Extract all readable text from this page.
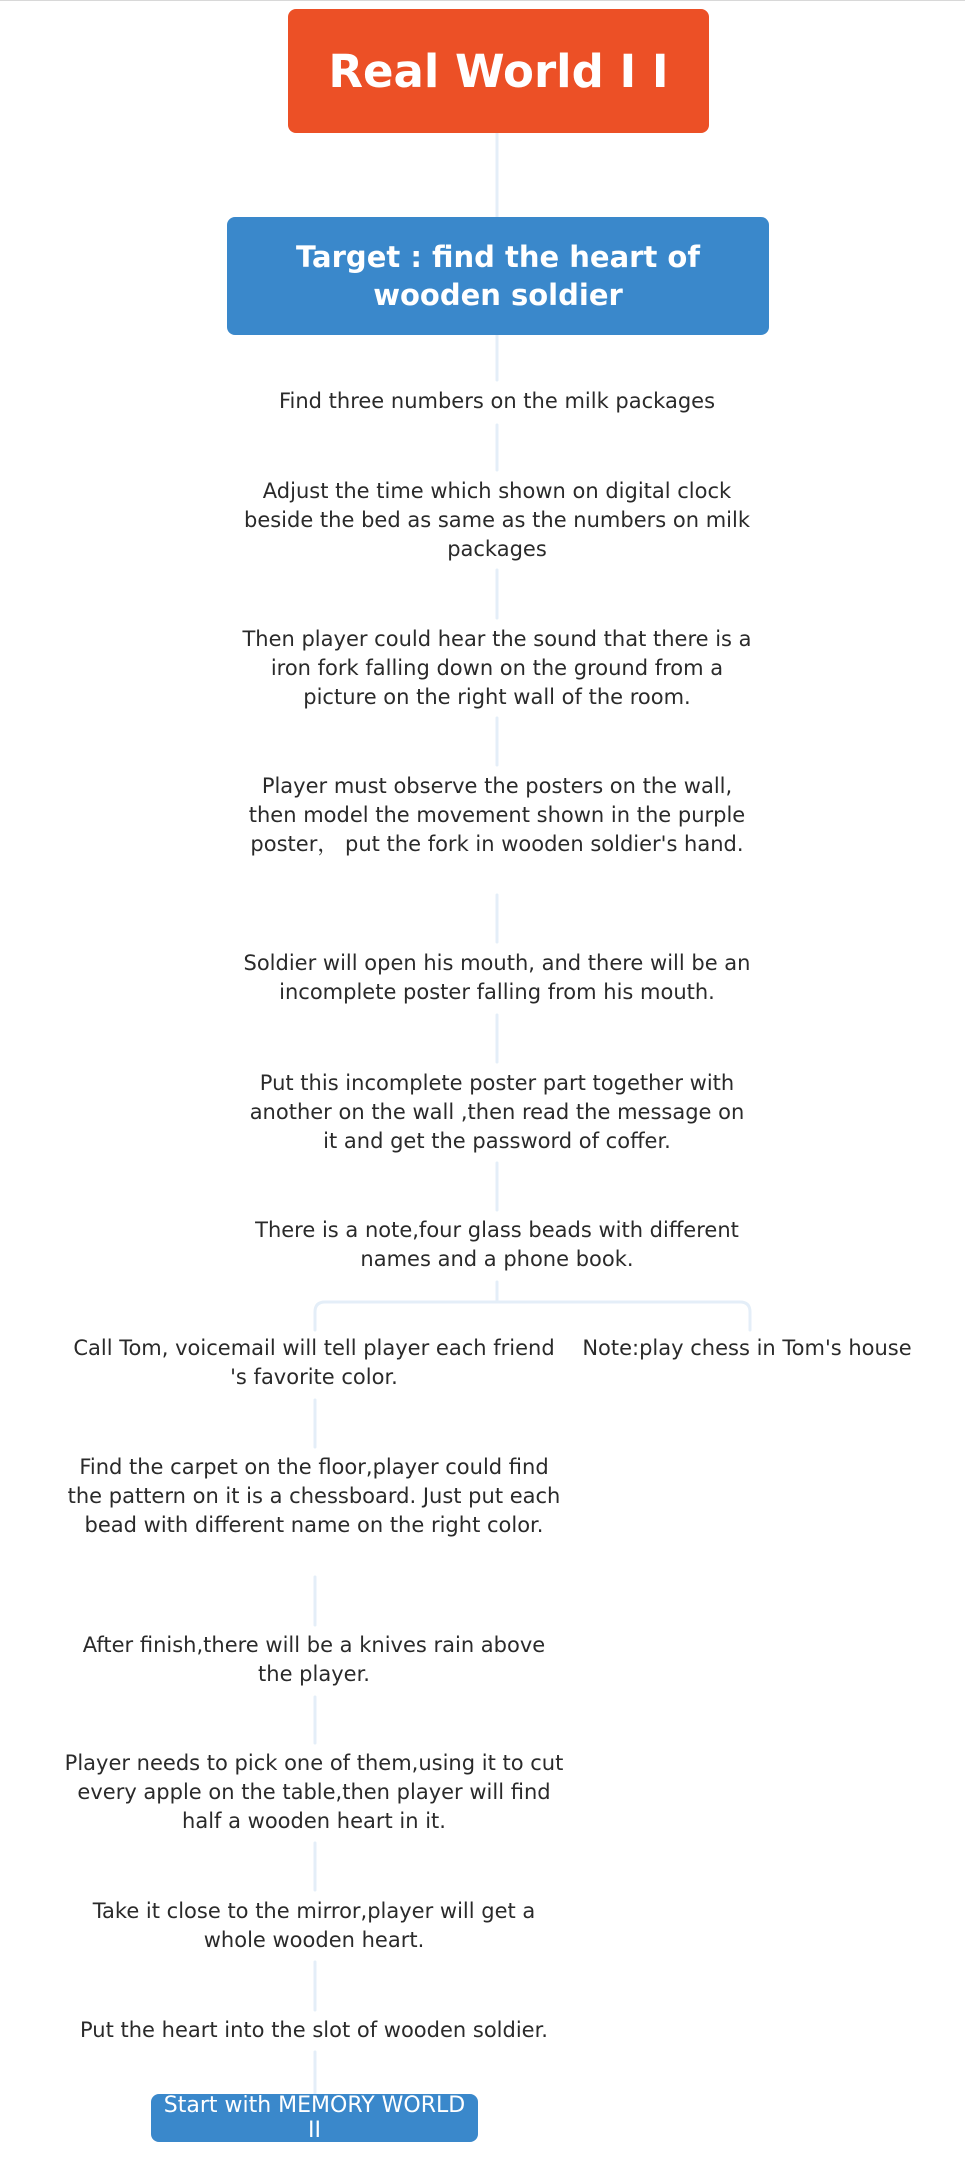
Real World I I
Target : find the heart of wooden soldier
Find three numbers on the milk packages
Adjust the time which shown on digital clock beside the bed as same as the numbers on milk packages
Then player could hear the sound that there is a iron fork falling down on the ground from a picture on the right wall of the room.
Player must observe the posters on the wall, then model the movement shown in the purple poster， put the fork in wooden soldier's hand.
Soldier will open his mouth, and there will be an incomplete poster falling from his mouth.
Put this incomplete poster part together with another on the wall ,then read the message on it and get the password of coffer.
There is a note,four glass beads with different names and a phone book.
Call Tom, voicemail will tell player each friend 's favorite color.
Find the carpet on the floor,player could find the pattern on it is a chessboard. Just put each bead with different name on the right color.
After finish,there will be a knives rain above the player.
Player needs to pick one of them,using it to cut every apple on the table,then player will find half a wooden heart in it.
Take it close to the mirror,player will get a whole wooden heart.
Put the heart into the slot of wooden soldier.
Note:play chess in Tom's house
Start with MEMORY WORLD II
